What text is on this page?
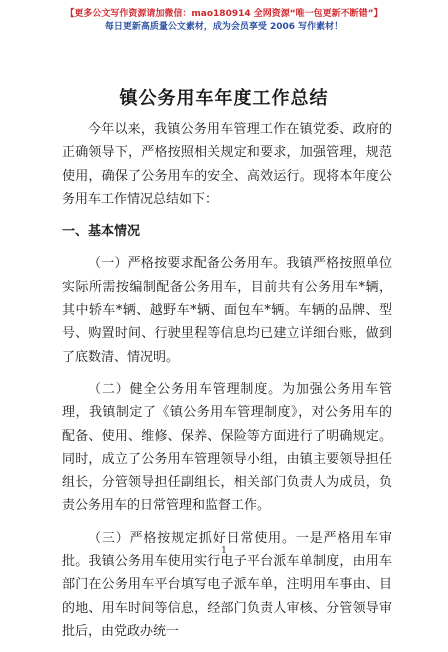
【更多公文写作资源请加微信：mao180914 全网资源“唯一包更新不断错”】
每日更新高质量公文素材，成为会员享受 2006 写作素材！
镇公务用车年度工作总结

今年以来，我镇公务用车管理工作在镇党委、政府的正确领导下，严格按照相关规定和要求，加强管理，规范使用，确保了公务用车的安全、高效运行。现将本年度公务用车工作情况总结如下：

一、基本情况

（一）严格按要求配备公务用车。我镇严格按照单位实际所需按编制配备公务用车，目前共有公务用车*辆，其中轿车*辆、越野车*辆、面包车*辆。车辆的品牌、型号、购置时间、行驶里程等信息均已建立详细台账，做到了底数清、情况明。

（二）健全公务用车管理制度。为加强公务用车管理，我镇制定了《镇公务用车管理制度》，对公务用车的配备、使用、维修、保养、保险等方面进行了明确规定。同时，成立了公务用车管理领导小组，由镇主要领导担任组长，分管领导担任副组长，相关部门负责人为成员，负责公务用车的日常管理和监督工作。

（三）严格按规定抓好日常使用。一是严格用车审批。我镇公务用车使用实行电子平台派车单制度，由用车部门在公务用车平台填写电子派车单，注明用车事由、目的地、用车时间等信息，经部门负责人审核、分管领导审批后，由党政办统一

1
